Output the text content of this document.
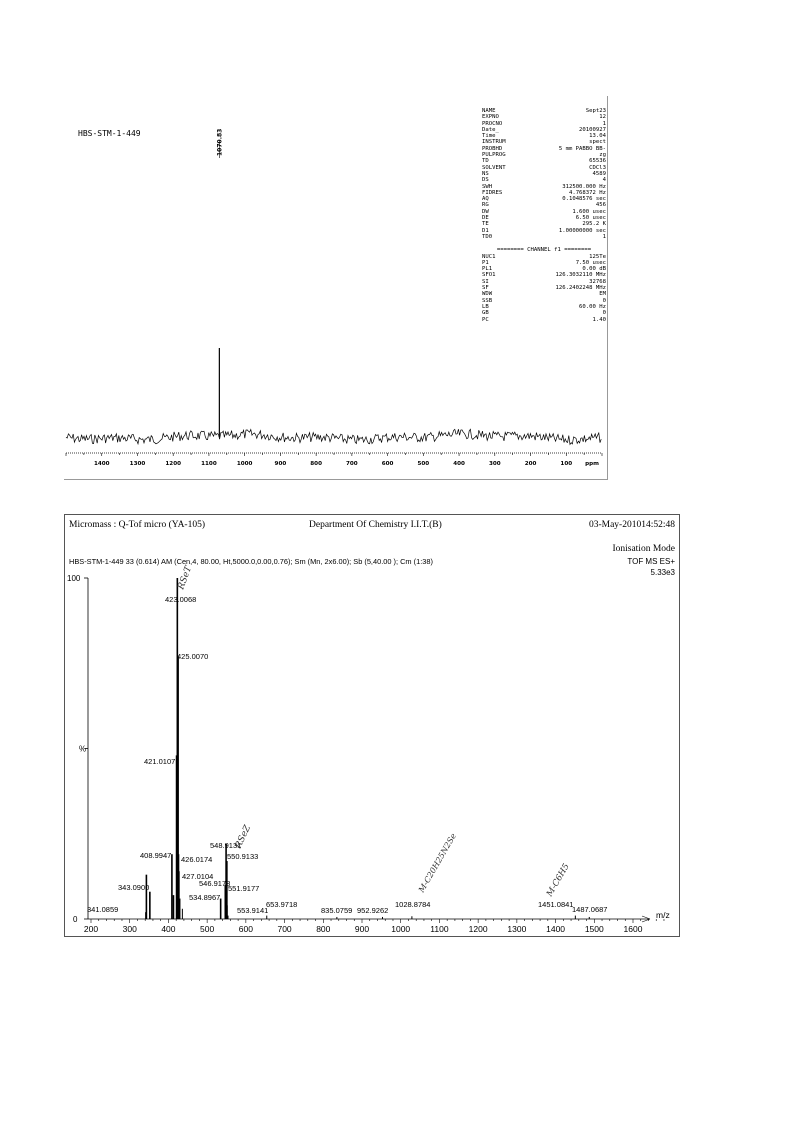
HBS-STM-1-449
NAME	Sept23
EXPNO	12
PROCNO	1
Date_	20100927
Time	13.04
INSTRUM	spect
PROBHD	5 mm PABBO BB-
PULPROG	zg
TD	65536
SOLVENT	CDCl3
NS	4589
DS	4
SWH	312500.000 Hz
FIDRES	4.768372 Hz
AQ	0.1048576 sec
RG	456
DW	1.600 usec
DE	6.50 usec
TE	295.2 K
D1	1.00000000 sec
TD0	1
======== CHANNEL f1 ========
NUC1	125Te
P1	7.50 usec
PL1	0.00 dB
SFO1	126.3032110 MHz
SI	32768
SF	126.2402248 MHz
WDW	EM
SSB	0
LB	60.00 Hz
GB	0
PC	1.40
1070.83
1400	1300	1200	1100	1000	900	800	700	600	500	400	300	200	100 ppm
Micromass : Q-Tof micro (YA-105)	Department Of Chemistry I.I.T.(B)	03-May-201014:52:48
Ionisation Mode
HBS-STM-1-449 33 (0.614) AM (Cen,4, 80.00, Ht,5000.0,0.00,0.76); Sm (Mn, 2x6.00); Sb (5,40.00 ); Cm (1:38)	TOF MS ES+
5.33e3
100
0
%
200	300	400	500	600	700	800	900	1000 1100 1200 1300 1400 1500 1600
m/z
341.0859
343.0900
408.9947
421.0107
423.0068
425.0070
426.0174
427.0104
534.8967
546.9178
548.9131
550.9133
551.9177
553.9141
653.9718
835.0759 952.9262
1028.8784	1451.0841
1487.0687
RSeT
RSeZ	M-C20H25N2Se	M-C6H5
